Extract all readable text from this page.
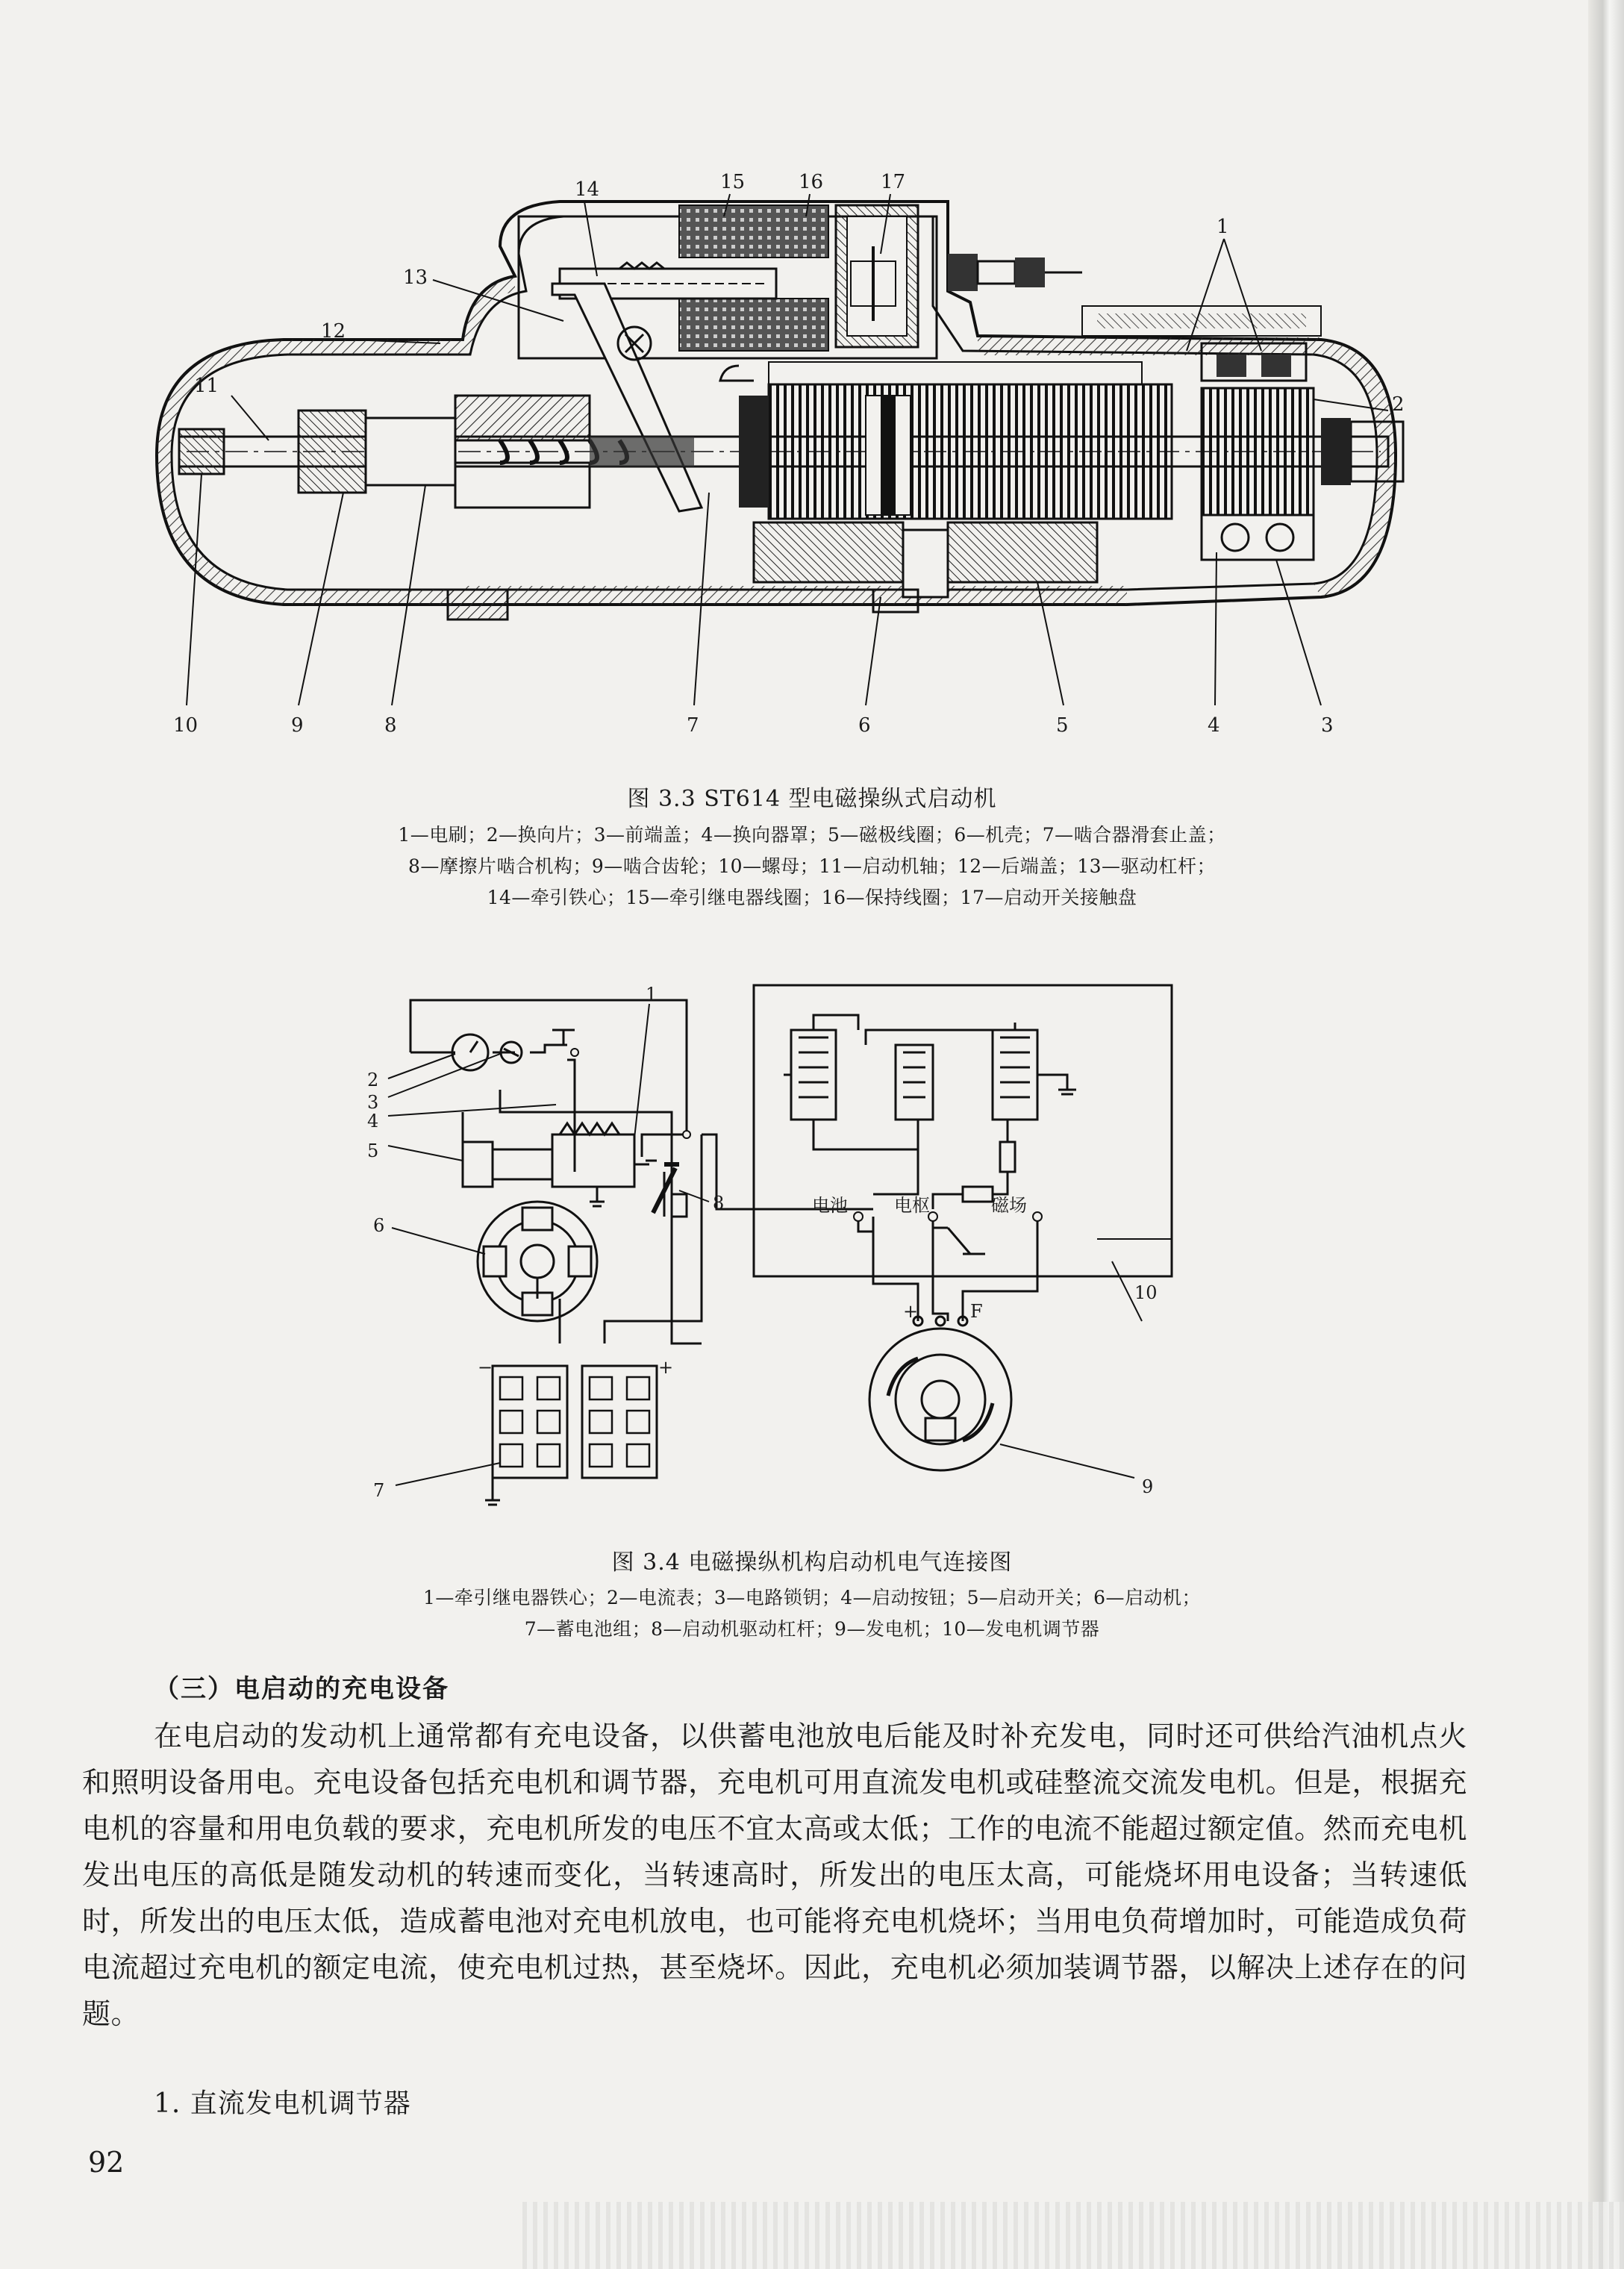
1
2
3
4
5
6
7
8
9
10
11
12
13
14	15	16	17
图 3.3 ST614 型电磁操纵式启动机
1—电刷；2—换向片；3—前端盖；4—换向器罩；5—磁极线圈；6—机壳；7—啮合器滑套止盖；
8—摩擦片啮合机构；9—啮合齿轮；10—螺母；11—启动机轴；12—后端盖；13—驱动杠杆；
14—牵引铁心；15—牵引继电器线圈；16—保持线圈；17—启动开关接触盘
1
2
3
4
5
6
7
8
9
10
电池	电枢	磁场
+	F
−	+
图 3.4 电磁操纵机构启动机电气连接图
1—牵引继电器铁心；2—电流表；3—电路锁钥；4—启动按钮；5—启动开关；6—启动机；
7—蓄电池组；8—启动机驱动杠杆；9—发电机；10—发电机调节器
（三）电启动的充电设备
在电启动的发动机上通常都有充电设备，以供蓄电池放电后能及时补充发电，同时还可供给汽油机点火和照明设备用电。充电设备包括充电机和调节器，充电机可用直流发电机或硅整流交流发电机。但是，根据充电机的容量和用电负载的要求，充电机所发的电压不宜太高或太低；工作的电流不能超过额定值。然而充电机发出电压的高低是随发动机的转速而变化，当转速高时，所发出的电压太高，可能烧坏用电设备；当转速低时，所发出的电压太低，造成蓄电池对充电机放电，也可能将充电机烧坏；当用电负荷增加时，可能造成负荷电流超过充电机的额定电流，使充电机过热，甚至烧坏。因此，充电机必须加装调节器，以解决上述存在的问题。
1. 直流发电机调节器
92
